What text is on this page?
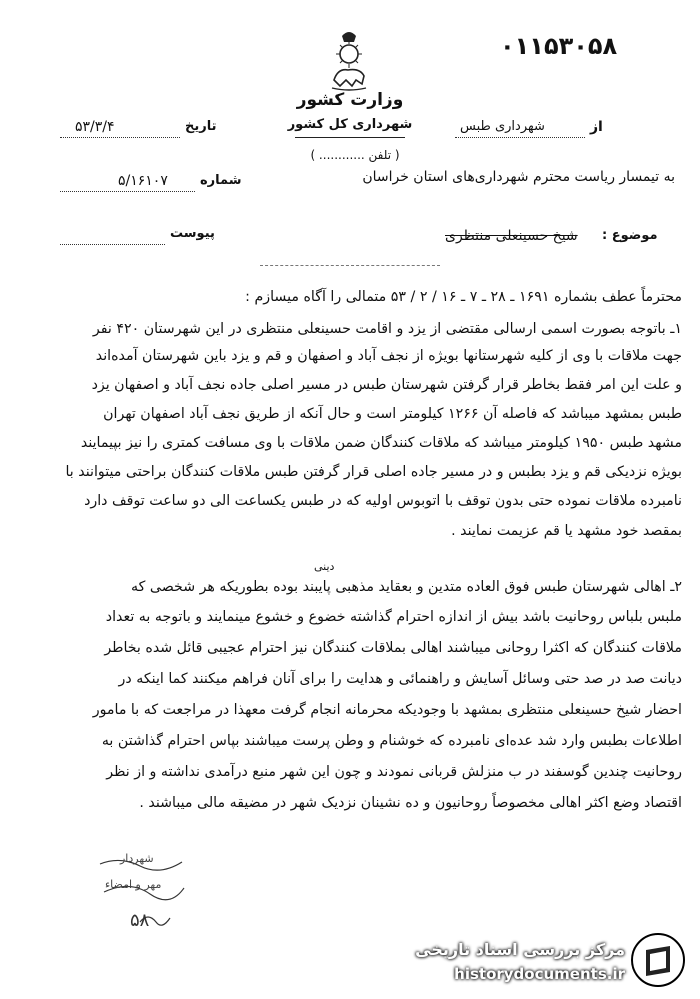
۰۱۱۵۳۰۵۸
وزارت کشور
شهرداری کل کشور
( تلفن ............ )
۵۳/۳/۴	تاریخ
۵/۱۶۱۰۷ شماره
پیوست
شهرداری طبس	از
به تیمسار ریاست محترم شهرداری‌های استان خراسان
شیخ حسینعلی منتظری موضوع :
محترماً عطف بشماره ۱۶۹۱ ـ ۲۸ ـ ۷ ـ ۱۶ / ۲ / ۵۳ متمالی را آگاه میسازم :
۱ـ باتوجه بصورت اسمی ارسالی مقتضی از یزد و اقامت حسینعلی منتظری در این شهرستان ۴۲۰ نفر
جهت ملاقات با وی از کلیه شهرستانها بویژه از نجف آباد و اصفهان و قم و یزد باین شهرستان آمده‌اند
و علت این امر فقط بخاطر قرار گرفتن شهرستان طبس در مسیر اصلی جاده نجف آباد و اصفهان یزد
طبس بمشهد میباشد که فاصله آن ۱۲۶۶ کیلومتر است و حال آنکه از طریق نجف آباد اصفهان تهران
مشهد طبس ۱۹۵۰ کیلومتر میباشد که ملاقات کنندگان ضمن ملاقات با وی مسافت کمتری را نیز بپیمایند
بویژه نزدیکی قم و یزد بطبس و در مسیر جاده اصلی قرار گرفتن طبس ملاقات کنندگان براحتی میتوانند با
نامبرده ملاقات نموده حتی بدون توقف با اتوبوس اولیه که در طبس یکساعت الی دو ساعت توقف دارد
بمقصد خود مشهد یا قم عزیمت نمایند .
دینی
۲ـ اهالی شهرستان طبس فوق العاده متدین و بعقاید مذهبی پایبند بوده بطوریکه هر شخصی که
ملبس بلباس روحانیت باشد بیش از اندازه احترام گذاشته خضوع و خشوع مینمایند و باتوجه به تعداد
ملاقات کنندگان که اکثرا روحانی میباشند اهالی بملاقات کنندگان نیز احترام عجیبی قائل شده بخاطر
دیانت صد در صد حتی وسائل آسایش و راهنمائی و هدایت را برای آنان فراهم میکنند کما اینکه در
احضار شیخ حسینعلی منتظری بمشهد با وجودیکه محرمانه انجام گرفت معهذا در مراجعت که با مامور
اطلاعات بطبس وارد شد عده‌ای نامبرده که خوشنام و وطن پرست میباشند بپاس احترام گذاشتن به
روحانیت چندین گوسفند در ب منزلش قربانی نمودند و چون این شهر منبع درآمدی نداشته و از نظر
اقتصاد وضع اکثر اهالی مخصوصاً روحانیون و ده نشینان نزدیک شهر در مضیقه مالی میباشند .
شهردار
مهر و امضاء
۵۸
مرکز بررسی اسناد تاریخی
historydocuments.ir
